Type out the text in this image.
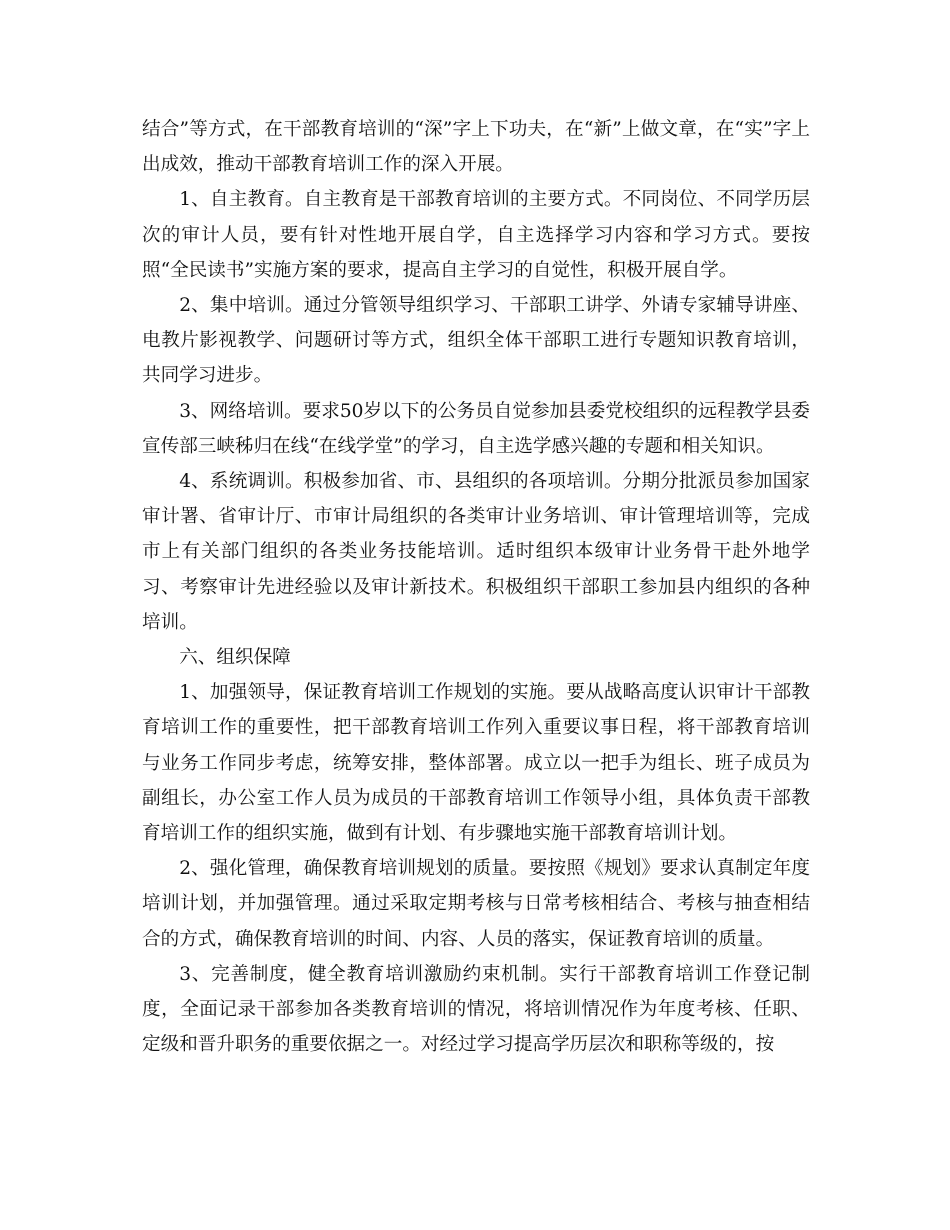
结合”等方式，在干部教育培训的“深”字上下功夫，在“新”上做文章，在“实”字上出成效，推动干部教育培训工作的深入开展。

1、自主教育。自主教育是干部教育培训的主要方式。不同岗位、不同学历层次的审计人员，要有针对性地开展自学，自主选择学习内容和学习方式。要按照“全民读书”实施方案的要求，提高自主学习的自觉性，积极开展自学。

2、集中培训。通过分管领导组织学习、干部职工讲学、外请专家辅导讲座、电教片影视教学、问题研讨等方式，组织全体干部职工进行专题知识教育培训，共同学习进步。

3、网络培训。要求50岁以下的公务员自觉参加县委党校组织的远程教学县委宣传部三峡秭归在线“在线学堂”的学习，自主选学感兴趣的专题和相关知识。

4、系统调训。积极参加省、市、县组织的各项培训。分期分批派员参加国家审计署、省审计厅、市审计局组织的各类审计业务培训、审计管理培训等，完成市上有关部门组织的各类业务技能培训。适时组织本级审计业务骨干赴外地学习、考察审计先进经验以及审计新技术。积极组织干部职工参加县内组织的各种培训。

六、组织保障

1、加强领导，保证教育培训工作规划的实施。要从战略高度认识审计干部教育培训工作的重要性，把干部教育培训工作列入重要议事日程，将干部教育培训与业务工作同步考虑，统筹安排，整体部署。成立以一把手为组长、班子成员为副组长，办公室工作人员为成员的干部教育培训工作领导小组，具体负责干部教育培训工作的组织实施，做到有计划、有步骤地实施干部教育培训计划。

2、强化管理，确保教育培训规划的质量。要按照《规划》要求认真制定年度培训计划，并加强管理。通过采取定期考核与日常考核相结合、考核与抽查相结合的方式，确保教育培训的时间、内容、人员的落实，保证教育培训的质量。

3、完善制度，健全教育培训激励约束机制。实行干部教育培训工作登记制度，全面记录干部参加各类教育培训的情况，将培训情况作为年度考核、任职、定级和晋升职务的重要依据之一。对经过学习提高学历层次和职称等级的，按
